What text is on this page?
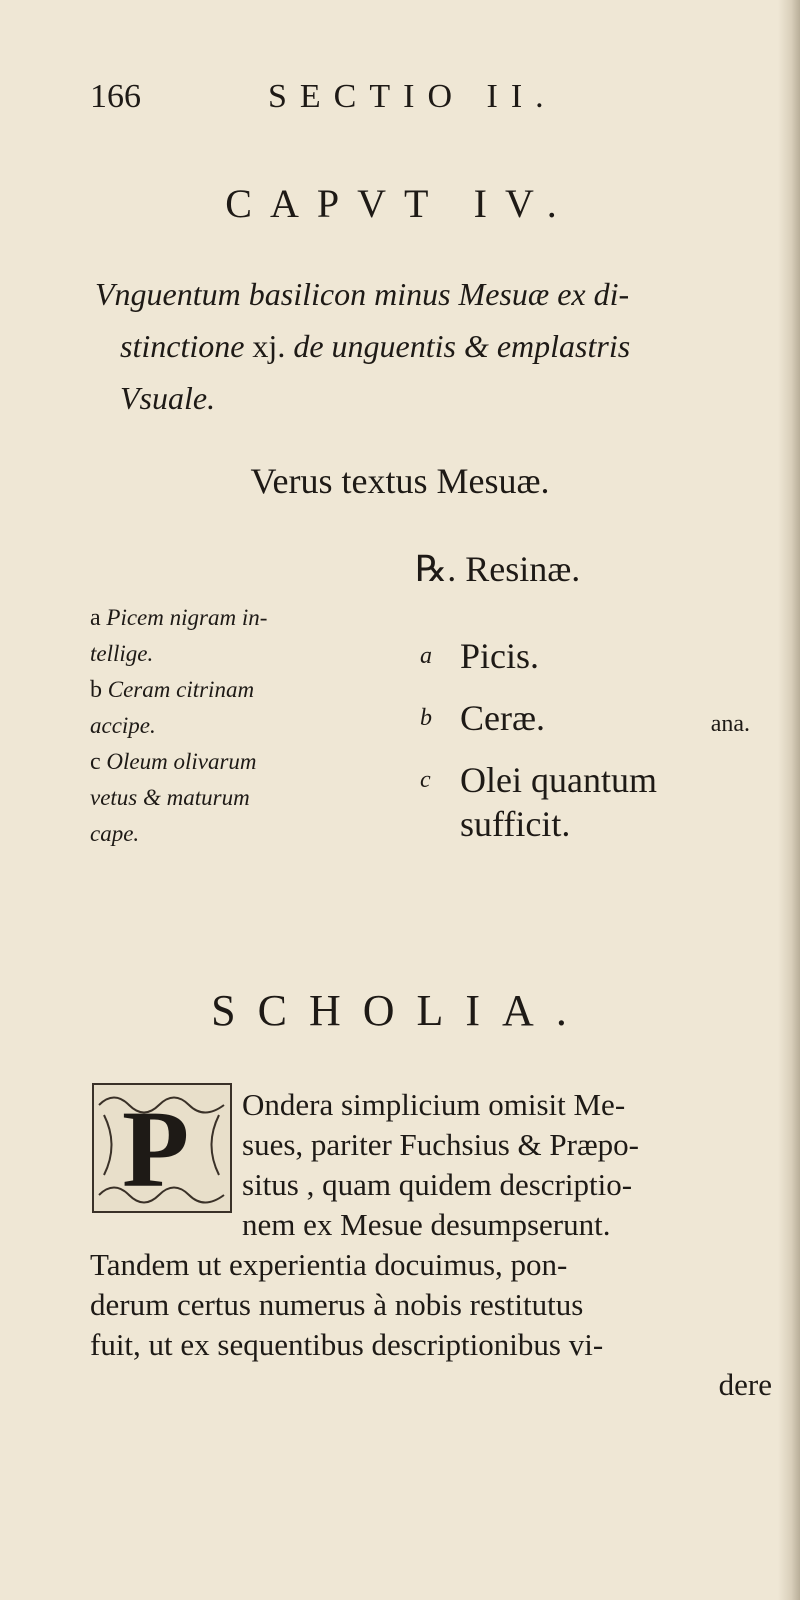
166	SECTIO II.
CAPVT IV.
Vnguentum basilicon minus Mesuæ ex di-
stinctione xj. de unguentis & emplastris
Vsuale.
Verus textus Mesuæ.
℞. Resinæ.
a Picem nigram in-
tellige.
b Ceram citrinam
accipe.
c Oleum olivarum
vetus & maturum
cape.
a Picis.
b Ceræ.	ana.
c Olei quantum
sufficit.
SCHOLIA.
P	Ondera simplicium omisit Me-
sues, pariter Fuchsius & Præpo-
situs , quam quidem descriptio-
nem ex Mesue desumpserunt.
Tandem ut experientia docuimus, pon-
derum certus numerus à nobis restitutus
fuit, ut ex sequentibus descriptionibus vi-
dere
